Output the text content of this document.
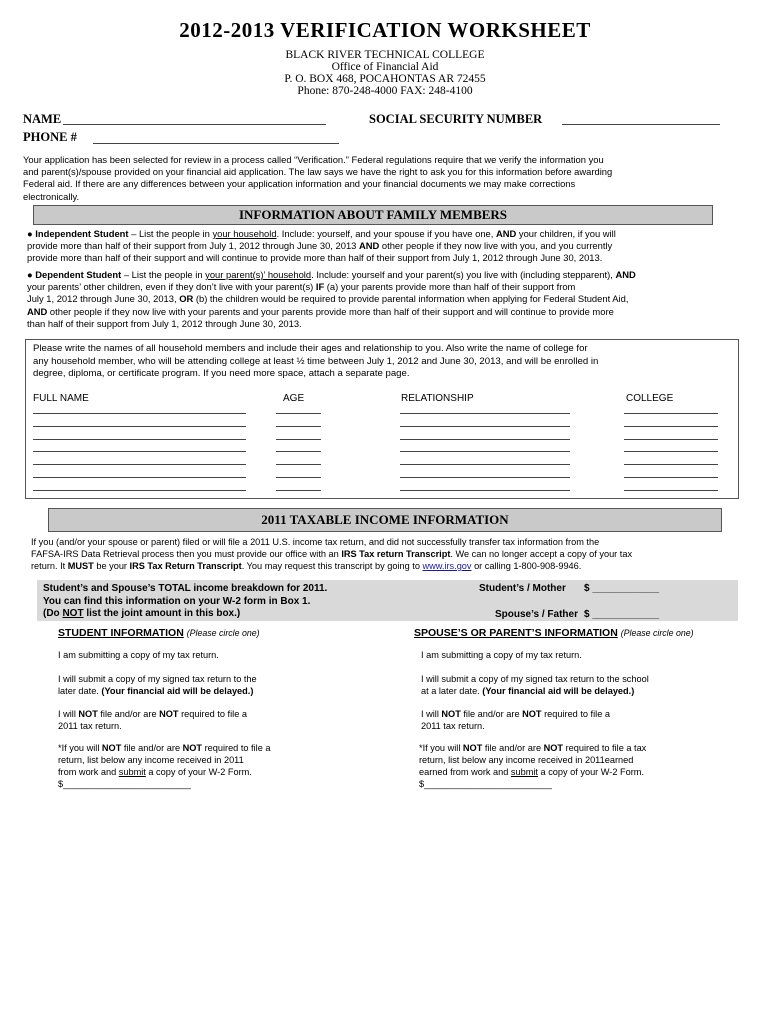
2012-2013 VERIFICATION WORKSHEET
BLACK RIVER TECHNICAL COLLEGE
Office of Financial Aid
P. O. BOX 468, POCAHONTAS AR 72455
Phone: 870-248-4000 FAX: 248-4100
NAME	SOCIAL SECURITY NUMBER
PHONE #
Your application has been selected for review in a process called “Verification.” Federal regulations require that we verify the information you
and parent(s)/spouse provided on your financial aid application. The law says we have the right to ask you for this information before awarding
Federal aid. If there are any differences between your application information and your financial documents we may make corrections
electronically.
INFORMATION ABOUT FAMILY MEMBERS
● Independent Student – List the people in your household. Include: yourself, and your spouse if you have one, AND your children, if you will
provide more than half of their support from July 1, 2012 through June 30, 2013 AND other people if they now live with you, and you currently
provide more than half of their support and will continue to provide more than half of their support from July 1, 2012 through June 30, 2013.
● Dependent Student – List the people in your parent(s)’ household. Include: yourself and your parent(s) you live with (including stepparent), AND
your parents’ other children, even if they don’t live with your parent(s) IF (a) your parents provide more than half of their support from
July 1, 2012 through June 30, 2013, OR (b) the children would be required to provide parental information when applying for Federal Student Aid,
AND other people if they now live with your parents and your parents provide more than half of their support and will continue to provide more
than half of their support from July 1, 2012 through June 30, 2013.
Please write the names of all household members and include their ages and relationship to you. Also write the name of college for
any household member, who will be attending college at least ½ time between July 1, 2012 and June 30, 2013, and will be enrolled in
degree, diploma, or certificate program. If you need more space, attach a separate page.
FULL NAME	AGE	RELATIONSHIP	COLLEGE
2011 TAXABLE INCOME INFORMATION
If you (and/or your spouse or parent) filed or will file a 2011 U.S. income tax return, and did not successfully transfer tax information from the
FAFSA-IRS Data Retrieval process then you must provide our office with an IRS Tax return Transcript. We can no longer accept a copy of your tax
return. It MUST be your IRS Tax Return Transcript. You may request this transcript by going to www.irs.gov or calling 1-800-908-9946.
Student’s and Spouse’s TOTAL income breakdown for 2011.
You can find this information on your W-2 form in Box 1.
(Do NOT list the joint amount in this box.)
Student’s / Mother $ ____________
Spouse’s / Father $ ____________
STUDENT INFORMATION (Please circle one)
I am submitting a copy of my tax return.
I will submit a copy of my signed tax return to the
later date. (Your financial aid will be delayed.)
I will NOT file and/or are NOT required to file a
2011 tax return.
*If you will NOT file and/or are NOT required to file a
return, list below any income received in 2011
from work and submit a copy of your W-2 Form.
$_________________________
SPOUSE’S OR PARENT’S INFORMATION (Please circle one)
I am submitting a copy of my tax return.
I will submit a copy of my signed tax return to the school
at a later date. (Your financial aid will be delayed.)
I will NOT file and/or are NOT required to file a
2011 tax return.
*If you will NOT file and/or are NOT required to file a tax
return, list below any income received in 2011earned
earned from work and submit a copy of your W-2 Form.
$_________________________
